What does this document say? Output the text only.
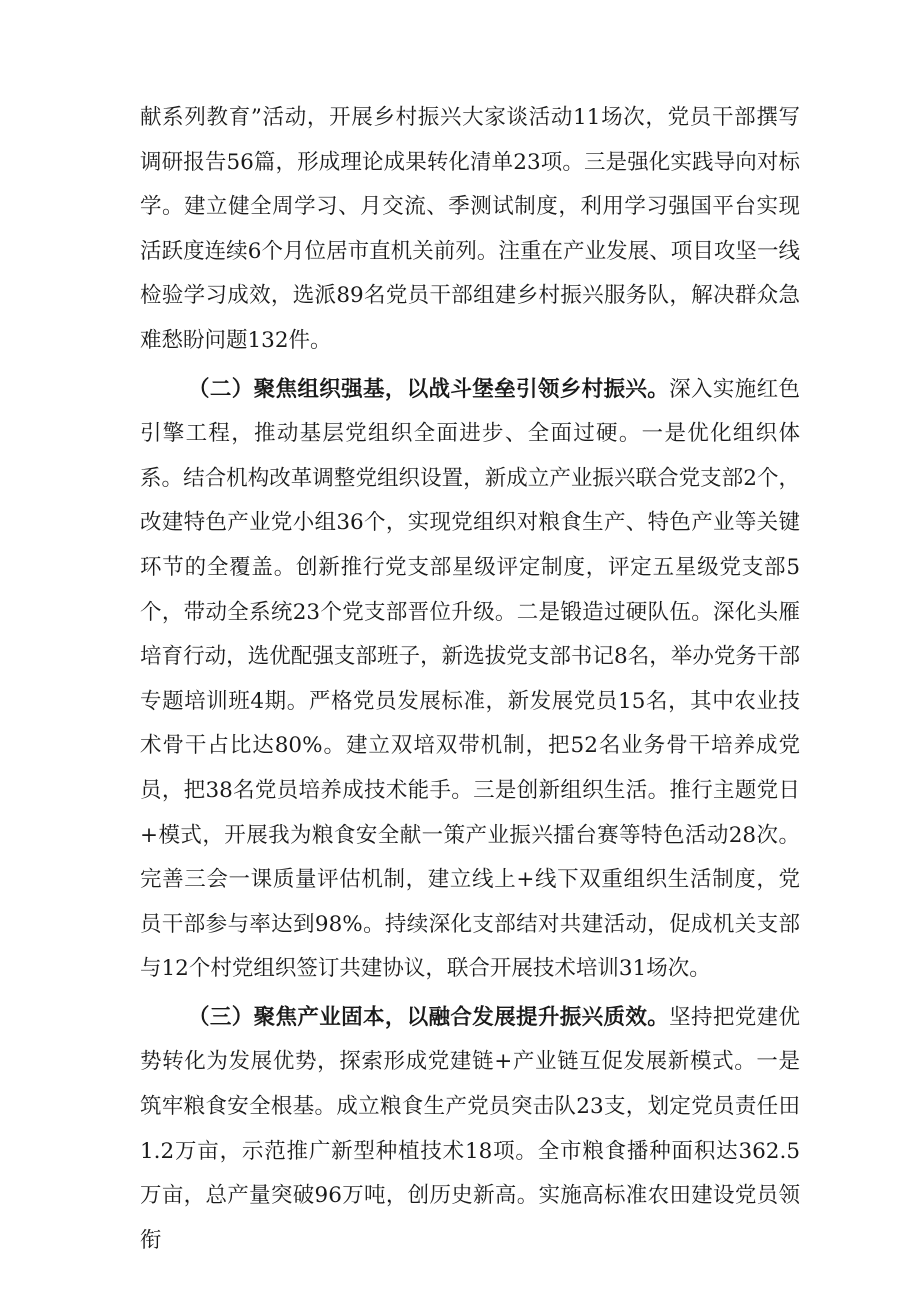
献系列教育”活动，开展乡村振兴大家谈活动11场次，党员干部撰写调研报告56篇，形成理论成果转化清单23项。三是强化实践导向对标学。建立健全周学习、月交流、季测试制度，利用学习强国平台实现活跃度连续6个月位居市直机关前列。注重在产业发展、项目攻坚一线检验学习成效，选派89名党员干部组建乡村振兴服务队，解决群众急难愁盼问题132件。

（二）聚焦组织强基，以战斗堡垒引领乡村振兴。深入实施红色引擎工程，推动基层党组织全面进步、全面过硬。一是优化组织体系。结合机构改革调整党组织设置，新成立产业振兴联合党支部2个，改建特色产业党小组36个，实现党组织对粮食生产、特色产业等关键环节的全覆盖。创新推行党支部星级评定制度，评定五星级党支部5个，带动全系统23个党支部晋位升级。二是锻造过硬队伍。深化头雁培育行动，选优配强支部班子，新选拔党支部书记8名，举办党务干部专题培训班4期。严格党员发展标准，新发展党员15名，其中农业技术骨干占比达80%。建立双培双带机制，把52名业务骨干培养成党员，把38名党员培养成技术能手。三是创新组织生活。推行主题党日+模式，开展我为粮食安全献一策产业振兴擂台赛等特色活动28次。完善三会一课质量评估机制，建立线上+线下双重组织生活制度，党员干部参与率达到98%。持续深化支部结对共建活动，促成机关支部与12个村党组织签订共建协议，联合开展技术培训31场次。

（三）聚焦产业固本，以融合发展提升振兴质效。坚持把党建优势转化为发展优势，探索形成党建链+产业链互促发展新模式。一是筑牢粮食安全根基。成立粮食生产党员突击队23支，划定党员责任田1.2万亩，示范推广新型种植技术18项。全市粮食播种面积达362.5万亩，总产量突破96万吨，创历史新高。实施高标准农田建设党员领衔
